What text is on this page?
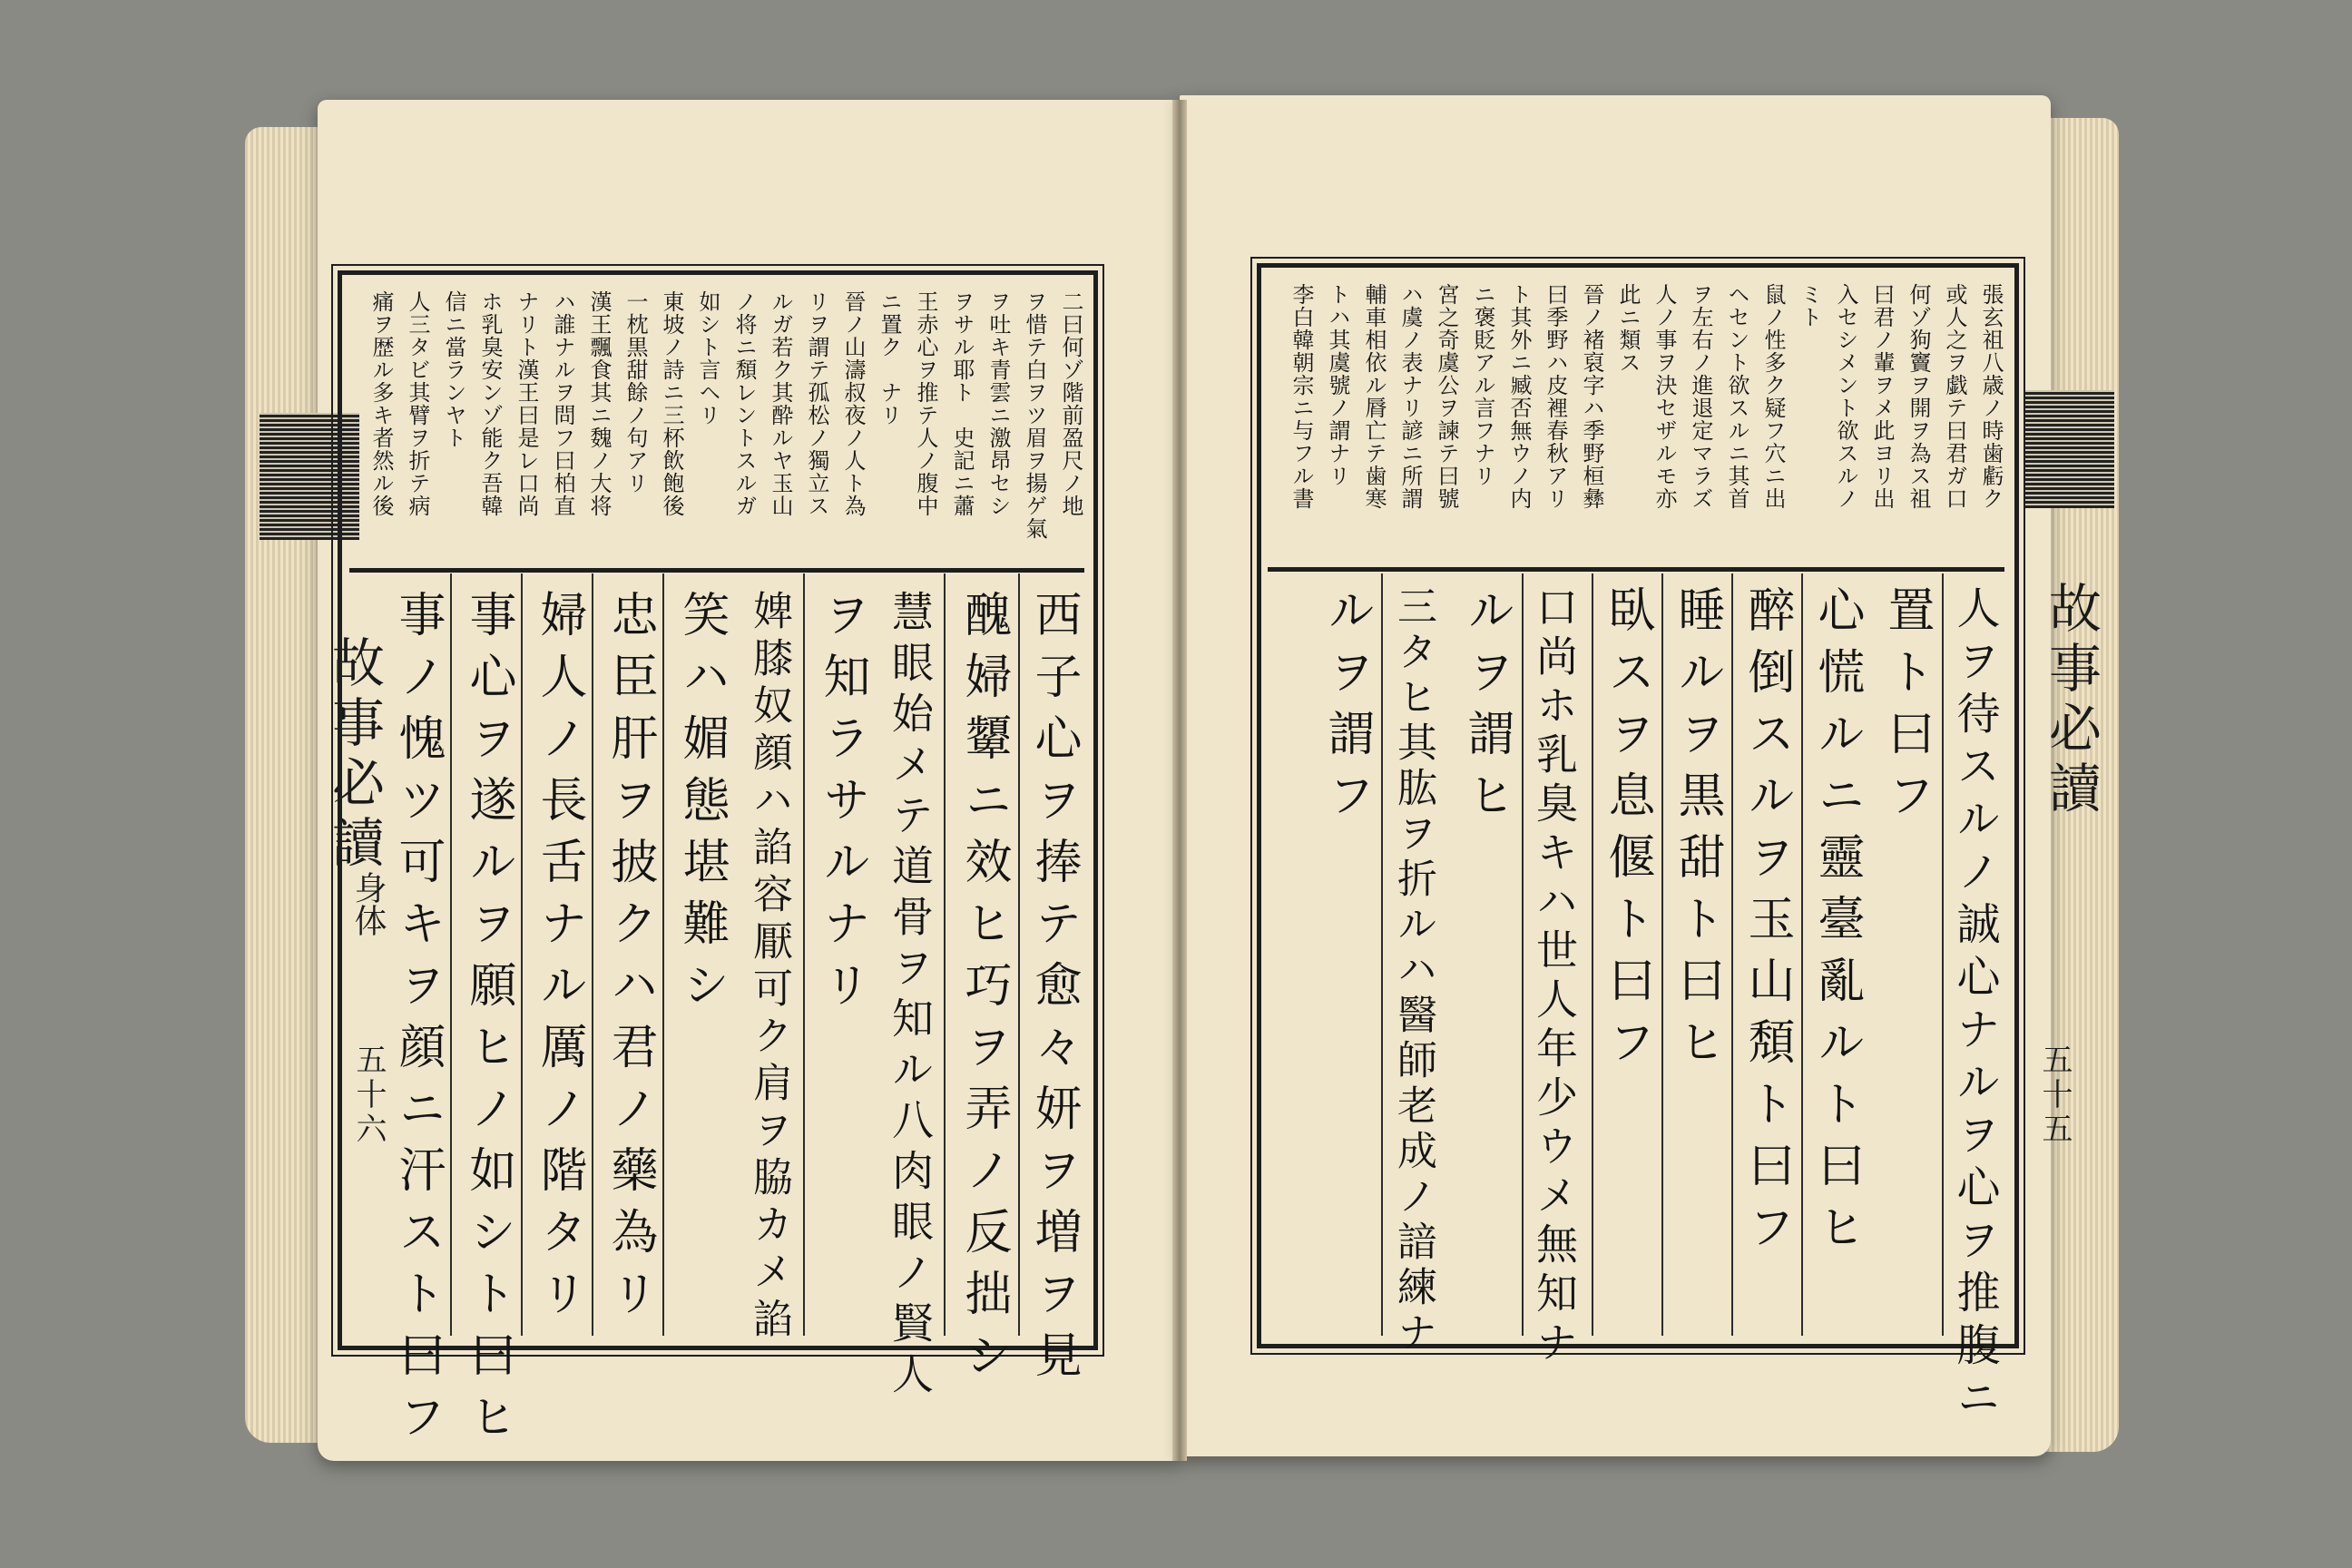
故事必讀
身体
五十六
二曰何ゾ階前盈尺ノ地
ヲ惜テ白ヲツ眉ヲ揚ゲ氣
ヲ吐キ青雲ニ激昂セシ
ヲサル耶ト　史記ニ蕭
王赤心ヲ推テ人ノ腹中
ニ置ク　ナリ
晉ノ山濤叔夜ノ人ト為
リヲ謂テ孤松ノ獨立ス
ルガ若ク其酔ルヤ玉山
ノ将ニ頽レントスルガ
如シト言ヘリ
東坡ノ詩ニ三杯飲飽後
一枕黒甜餘ノ句アリ
漢王飄食其ニ魏ノ大将
ハ誰ナルヲ問フ曰柏直
ナリト漢王曰是レ口尚
ホ乳臭安ンゾ能ク吾韓
信ニ當ランヤト
人三タビ其臂ヲ折テ病
痛ヲ歴ル多キ者然ル後
西子心ヲ捧テ愈々妍ヲ増ヲ見
醜婦顰ニ效ヒ巧ヲ弄ノ反拙シ
慧眼始メテ道骨ヲ知ル八肉眼ノ賢人
ヲ知ラサルナリ
婢膝奴顔ハ諂容厭可ク肩ヲ脇カメ諂
笑ハ媚態堪難シ
忠臣肝ヲ披クハ君ノ藥為リ
婦人ノ長舌ナル厲ノ階タリ
事心ヲ遂ルヲ願ヒノ如シト曰ヒ
事ノ愧ツ可キヲ顔ニ汗スト曰フ	故事必讀
五十五
張玄祖八歳ノ時歯虧ク
或人之ヲ戯テ曰君ガ口
何ゾ狗竇ヲ開ヲ為ス祖
曰君ノ輩ヲメ此ヨリ出
入セシメント欲スルノ
ミト
鼠ノ性多ク疑フ穴ニ出
ヘセント欲スルニ其首
ヲ左右ノ進退定マラズ
人ノ事ヲ決セザルモ亦
此ニ類ス
晉ノ褚裒字ハ季野桓彝
曰季野ハ皮裡春秋アリ
ト其外ニ臧否無ウノ内
ニ褒貶アル言フナリ
宮之奇虞公ヲ諫テ曰號
ハ虞ノ表ナリ諺ニ所謂
輔車相依ル脣亡テ歯寒
トハ其虞號ノ謂ナリ
李白韓朝宗ニ与フル書
人ヲ待スルノ誠心ナルヲ心ヲ推腹ニ
置ト曰フ
心慌ルニ靈臺亂ルト曰ヒ
醉倒スルヲ玉山頽ト曰フ
睡ルヲ黒甜ト曰ヒ
臥スヲ息偃ト曰フ
口尚ホ乳臭キハ世人年少ウメ無知ナ
ルヲ謂ヒ
三タヒ其肱ヲ折ルハ醫師老成ノ諳練ナ
ルヲ謂フ
